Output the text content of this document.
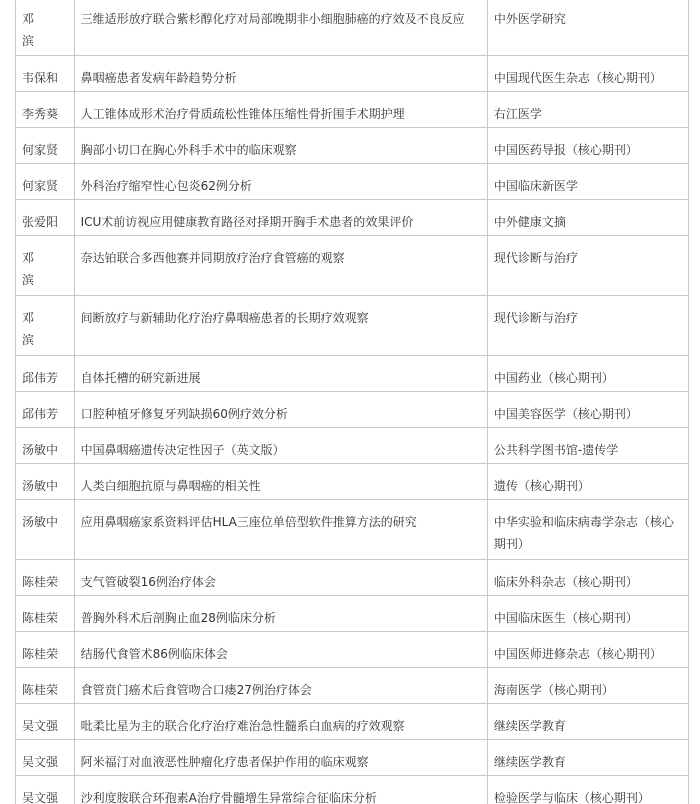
邓　　滨	三维适形放疗联合紫杉醇化疗对局部晚期非小细胞肺癌的疗效及不良反应	中外医学研究
韦保和	鼻咽癌患者发病年龄趋势分析	中国现代医生杂志（核心期刊）
李秀葵	人工锥体成形术治疗骨质疏松性锥体压缩性骨折围手术期护理	右江医学
何家贤	胸部小切口在胸心外科手术中的临床观察	中国医药导报（核心期刊）
何家贤	外科治疗缩窄性心包炎62例分析	中国临床新医学
张爱阳	ICU术前访视应用健康教育路径对择期开胸手术患者的效果评价	中外健康文摘
邓　　滨	奈达铂联合多西他赛并同期放疗治疗食管癌的观察	现代诊断与治疗
邓　　滨	间断放疗与新辅助化疗治疗鼻咽癌患者的长期疗效观察	现代诊断与治疗
邱伟芳	自体托槽的研究新进展	中国药业（核心期刊）
邱伟芳	口腔种植牙修复牙列缺损60例疗效分析	中国美容医学（核心期刊）
汤敏中	中国鼻咽癌遗传决定性因子（英文版）	公共科学图书馆-遗传学
汤敏中	人类白细胞抗原与鼻咽癌的相关性	遗传（核心期刊）
汤敏中	应用鼻咽癌家系资料评估HLA三座位单倍型软件推算方法的研究	中华实验和临床病毒学杂志（核心期刊）
陈桂荣	支气管破裂16例治疗体会	临床外科杂志（核心期刊）
陈桂荣	普胸外科术后剖胸止血28例临床分析	中国临床医生（核心期刊）
陈桂荣	结肠代食管术86例临床体会	中国医师进修杂志（核心期刊）
陈桂荣	食管贲门癌术后食管吻合口瘘27例治疗体会	海南医学（核心期刊）
吴文强	吡柔比星为主的联合化疗治疗难治急性髓系白血病的疗效观察	继续医学教育
吴文强	阿米福汀对血液恶性肿瘤化疗患者保护作用的临床观察	继续医学教育
吴文强	沙利度胺联合环孢素A治疗骨髓增生异常综合征临床分析	检验医学与临床（核心期刊）
